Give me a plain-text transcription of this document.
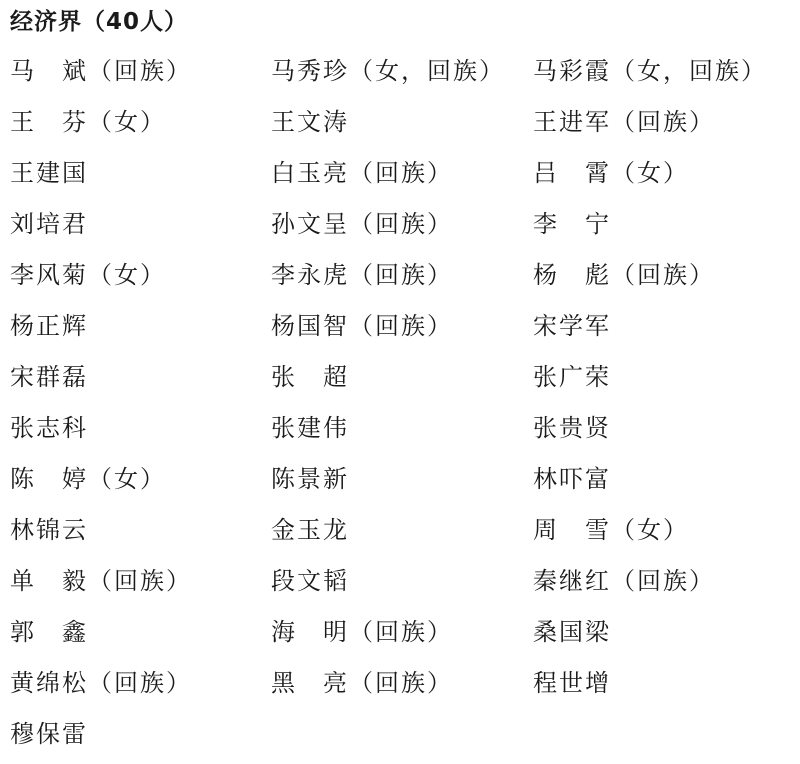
经济界（40人）
马　斌（回族）	马秀珍（女，回族）	马彩霞（女，回族）
王　芬（女）	王文涛	王进军（回族）
王建国	白玉亮（回族）	吕　霄（女）
刘培君	孙文呈（回族）	李　宁
李风菊（女）	李永虎（回族）	杨　彪（回族）
杨正辉	杨国智（回族）	宋学军
宋群磊	张　超	张广荣
张志科	张建伟	张贵贤
陈　婷（女）	陈景新	林吓富
林锦云	金玉龙	周　雪（女）
单　毅（回族）	段文韬	秦继红（回族）
郭　鑫	海　明（回族）	桑国梁
黄绵松（回族）	黑　亮（回族）	程世增
穆保雷
